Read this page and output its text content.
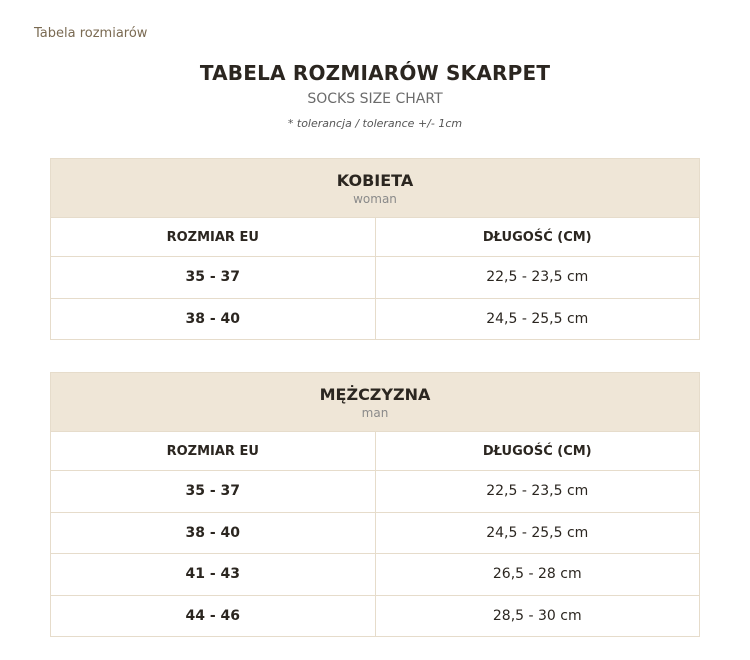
Tabela rozmiarów
TABELA ROZMIARÓW SKARPET
SOCKS SIZE CHART
* tolerancja / tolerance +/- 1cm
KOBIETA
woman
ROZMIAR EU	DŁUGOŚĆ (CM)
35 - 37	22,5 - 23,5 cm
38 - 40	24,5 - 25,5 cm
MĘŻCZYZNA
man
ROZMIAR EU	DŁUGOŚĆ (CM)
35 - 37	22,5 - 23,5 cm
38 - 40	24,5 - 25,5 cm
41 - 43	26,5 - 28 cm
44 - 46	28,5 - 30 cm
